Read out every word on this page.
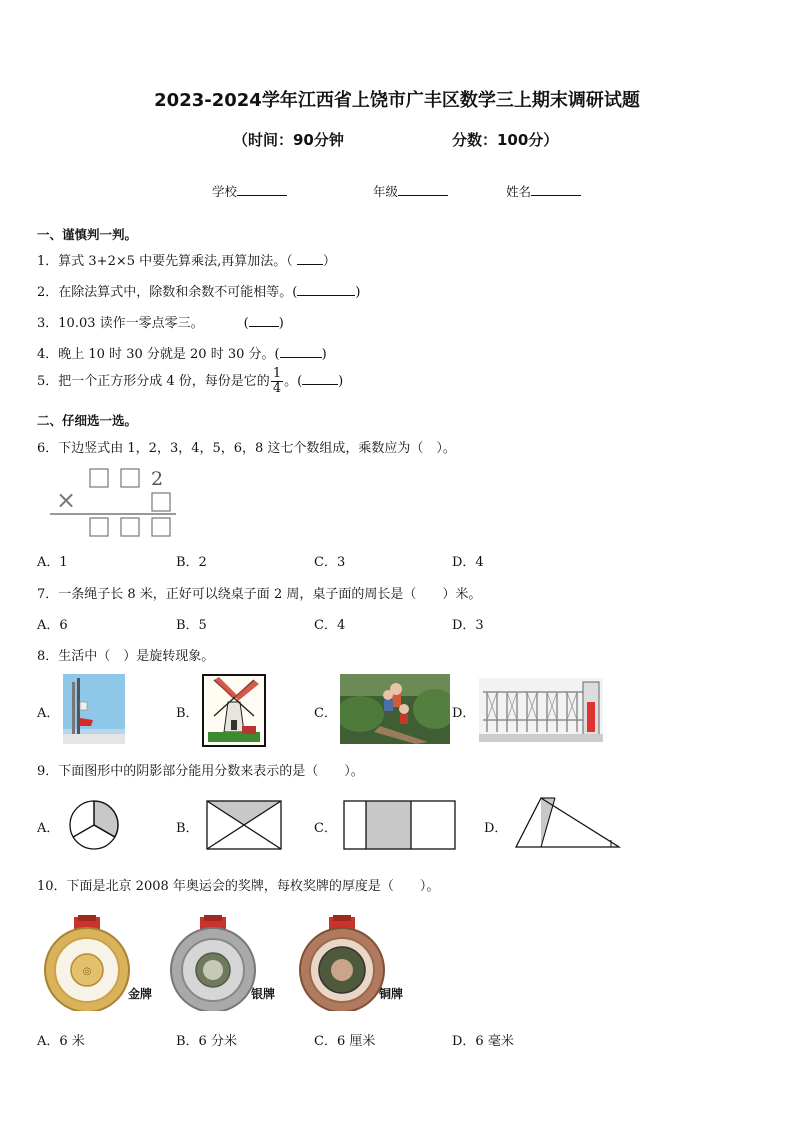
2023-2024学年江西省上饶市广丰区数学三上期末调研试题
（时间：90分钟	分数：100分）
学校	年级	姓名
一、谨慎判一判。
1．算式 3+2×5 中要先算乘法,再算加法。（ ）
2．在除法算式中，除数和余数不可能相等。(	)
3．10.03 读作一零点零三。	( )
4．晚上 10 时 30 分就是 20 时 30 分。(	)
5．把一个正方形分成 4 份，每份是它的 $\frac{1}{4}$ 。(	)
二、仔细选一选。
6．下边竖式由 1，2，3，4，5，6，8 这七个数组成，乘数应为（　）。
2
×
A．1	B．2	C．3	D．4
7．一条绳子长 8 米，正好可以绕桌子面 2 周，桌子面的周长是（　　）米。
A．6	B．5	C．4	D．3
8．生活中（　）是旋转现象。
A．	B．	C．	D．
9．下面图形中的阴影部分能用分数来表示的是（　　）。
A．	B．	C．	D．
10．下面是北京 2008 年奥运会的奖牌，每枚奖牌的厚度是（　　）。
◎
金牌	银牌	铜牌
A．6 米	B．6 分米	C．6 厘米	D．6 毫米
